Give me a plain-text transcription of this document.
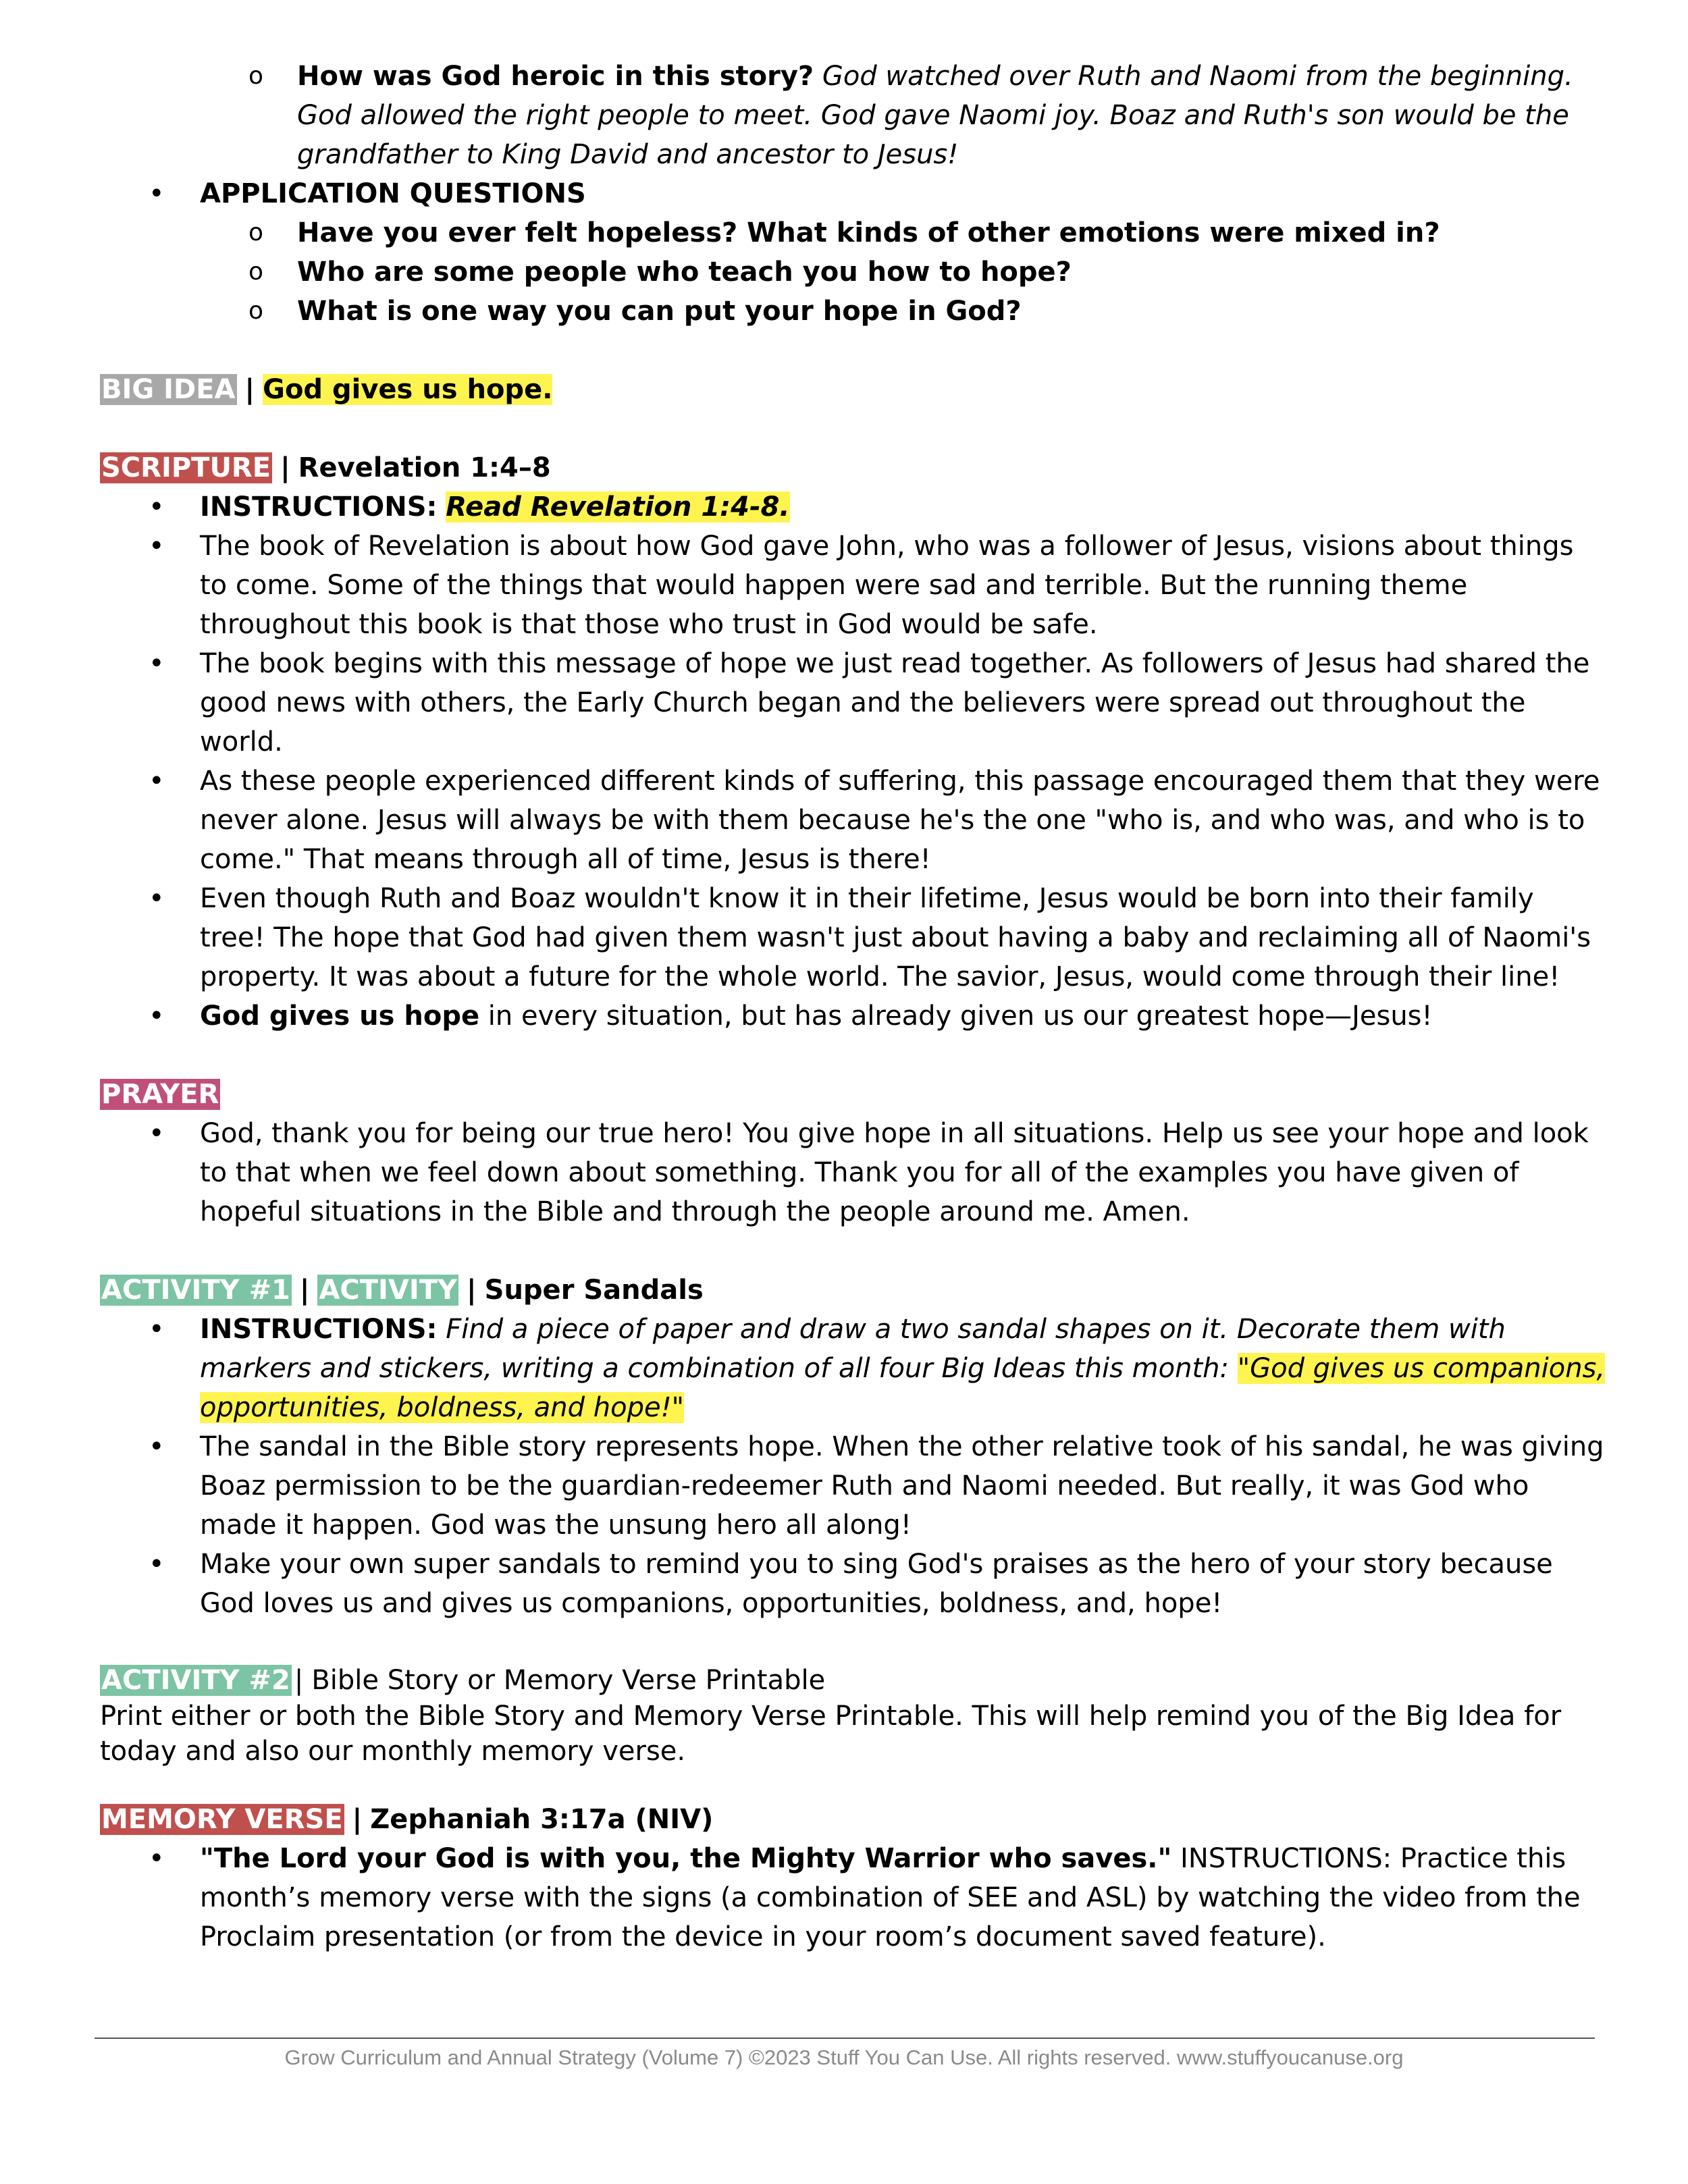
o How was God heroic in this story? God watched over Ruth and Naomi from the beginning. God allowed the right people to meet. God gave Naomi joy. Boaz and Ruth's son would be the grandfather to King David and ancestor to Jesus!
• APPLICATION QUESTIONS
o Have you ever felt hopeless? What kinds of other emotions were mixed in?
o Who are some people who teach you how to hope?
o What is one way you can put your hope in God?
BIG IDEA | God gives us hope.
SCRIPTURE | Revelation 1:4–8
• INSTRUCTIONS: Read Revelation 1:4-8.
• The book of Revelation is about how God gave John, who was a follower of Jesus, visions about things to come. Some of the things that would happen were sad and terrible. But the running theme throughout this book is that those who trust in God would be safe.
• The book begins with this message of hope we just read together. As followers of Jesus had shared the good news with others, the Early Church began and the believers were spread out throughout the world.
• As these people experienced different kinds of suffering, this passage encouraged them that they were never alone. Jesus will always be with them because he's the one "who is, and who was, and who is to come." That means through all of time, Jesus is there!
• Even though Ruth and Boaz wouldn't know it in their lifetime, Jesus would be born into their family tree! The hope that God had given them wasn't just about having a baby and reclaiming all of Naomi's property. It was about a future for the whole world. The savior, Jesus, would come through their line!
• God gives us hope in every situation, but has already given us our greatest hope—Jesus!
PRAYER
• God, thank you for being our true hero! You give hope in all situations. Help us see your hope and look to that when we feel down about something. Thank you for all of the examples you have given of hopeful situations in the Bible and through the people around me. Amen.
ACTIVITY #1 | ACTIVITY | Super Sandals
• INSTRUCTIONS: Find a piece of paper and draw a two sandal shapes on it. Decorate them with markers and stickers, writing a combination of all four Big Ideas this month: "God gives us companions, opportunities, boldness, and hope!"
• The sandal in the Bible story represents hope. When the other relative took of his sandal, he was giving Boaz permission to be the guardian-redeemer Ruth and Naomi needed. But really, it was God who made it happen. God was the unsung hero all along!
• Make your own super sandals to remind you to sing God's praises as the hero of your story because God loves us and gives us companions, opportunities, boldness, and, hope!
ACTIVITY #2 | Bible Story or Memory Verse Printable

Print either or both the Bible Story and Memory Verse Printable. This will help remind you of the Big Idea for today and also our monthly memory verse.

MEMORY VERSE | Zephaniah 3:17a (NIV)
• "The Lord your God is with you, the Mighty Warrior who saves." INSTRUCTIONS: Practice this month’s memory verse with the signs (a combination of SEE and ASL) by watching the video from the Proclaim presentation (or from the device in your room’s document saved feature).
Grow Curriculum and Annual Strategy (Volume 7) ©2023 Stuff You Can Use. All rights reserved. www.stuffyoucanuse.org
